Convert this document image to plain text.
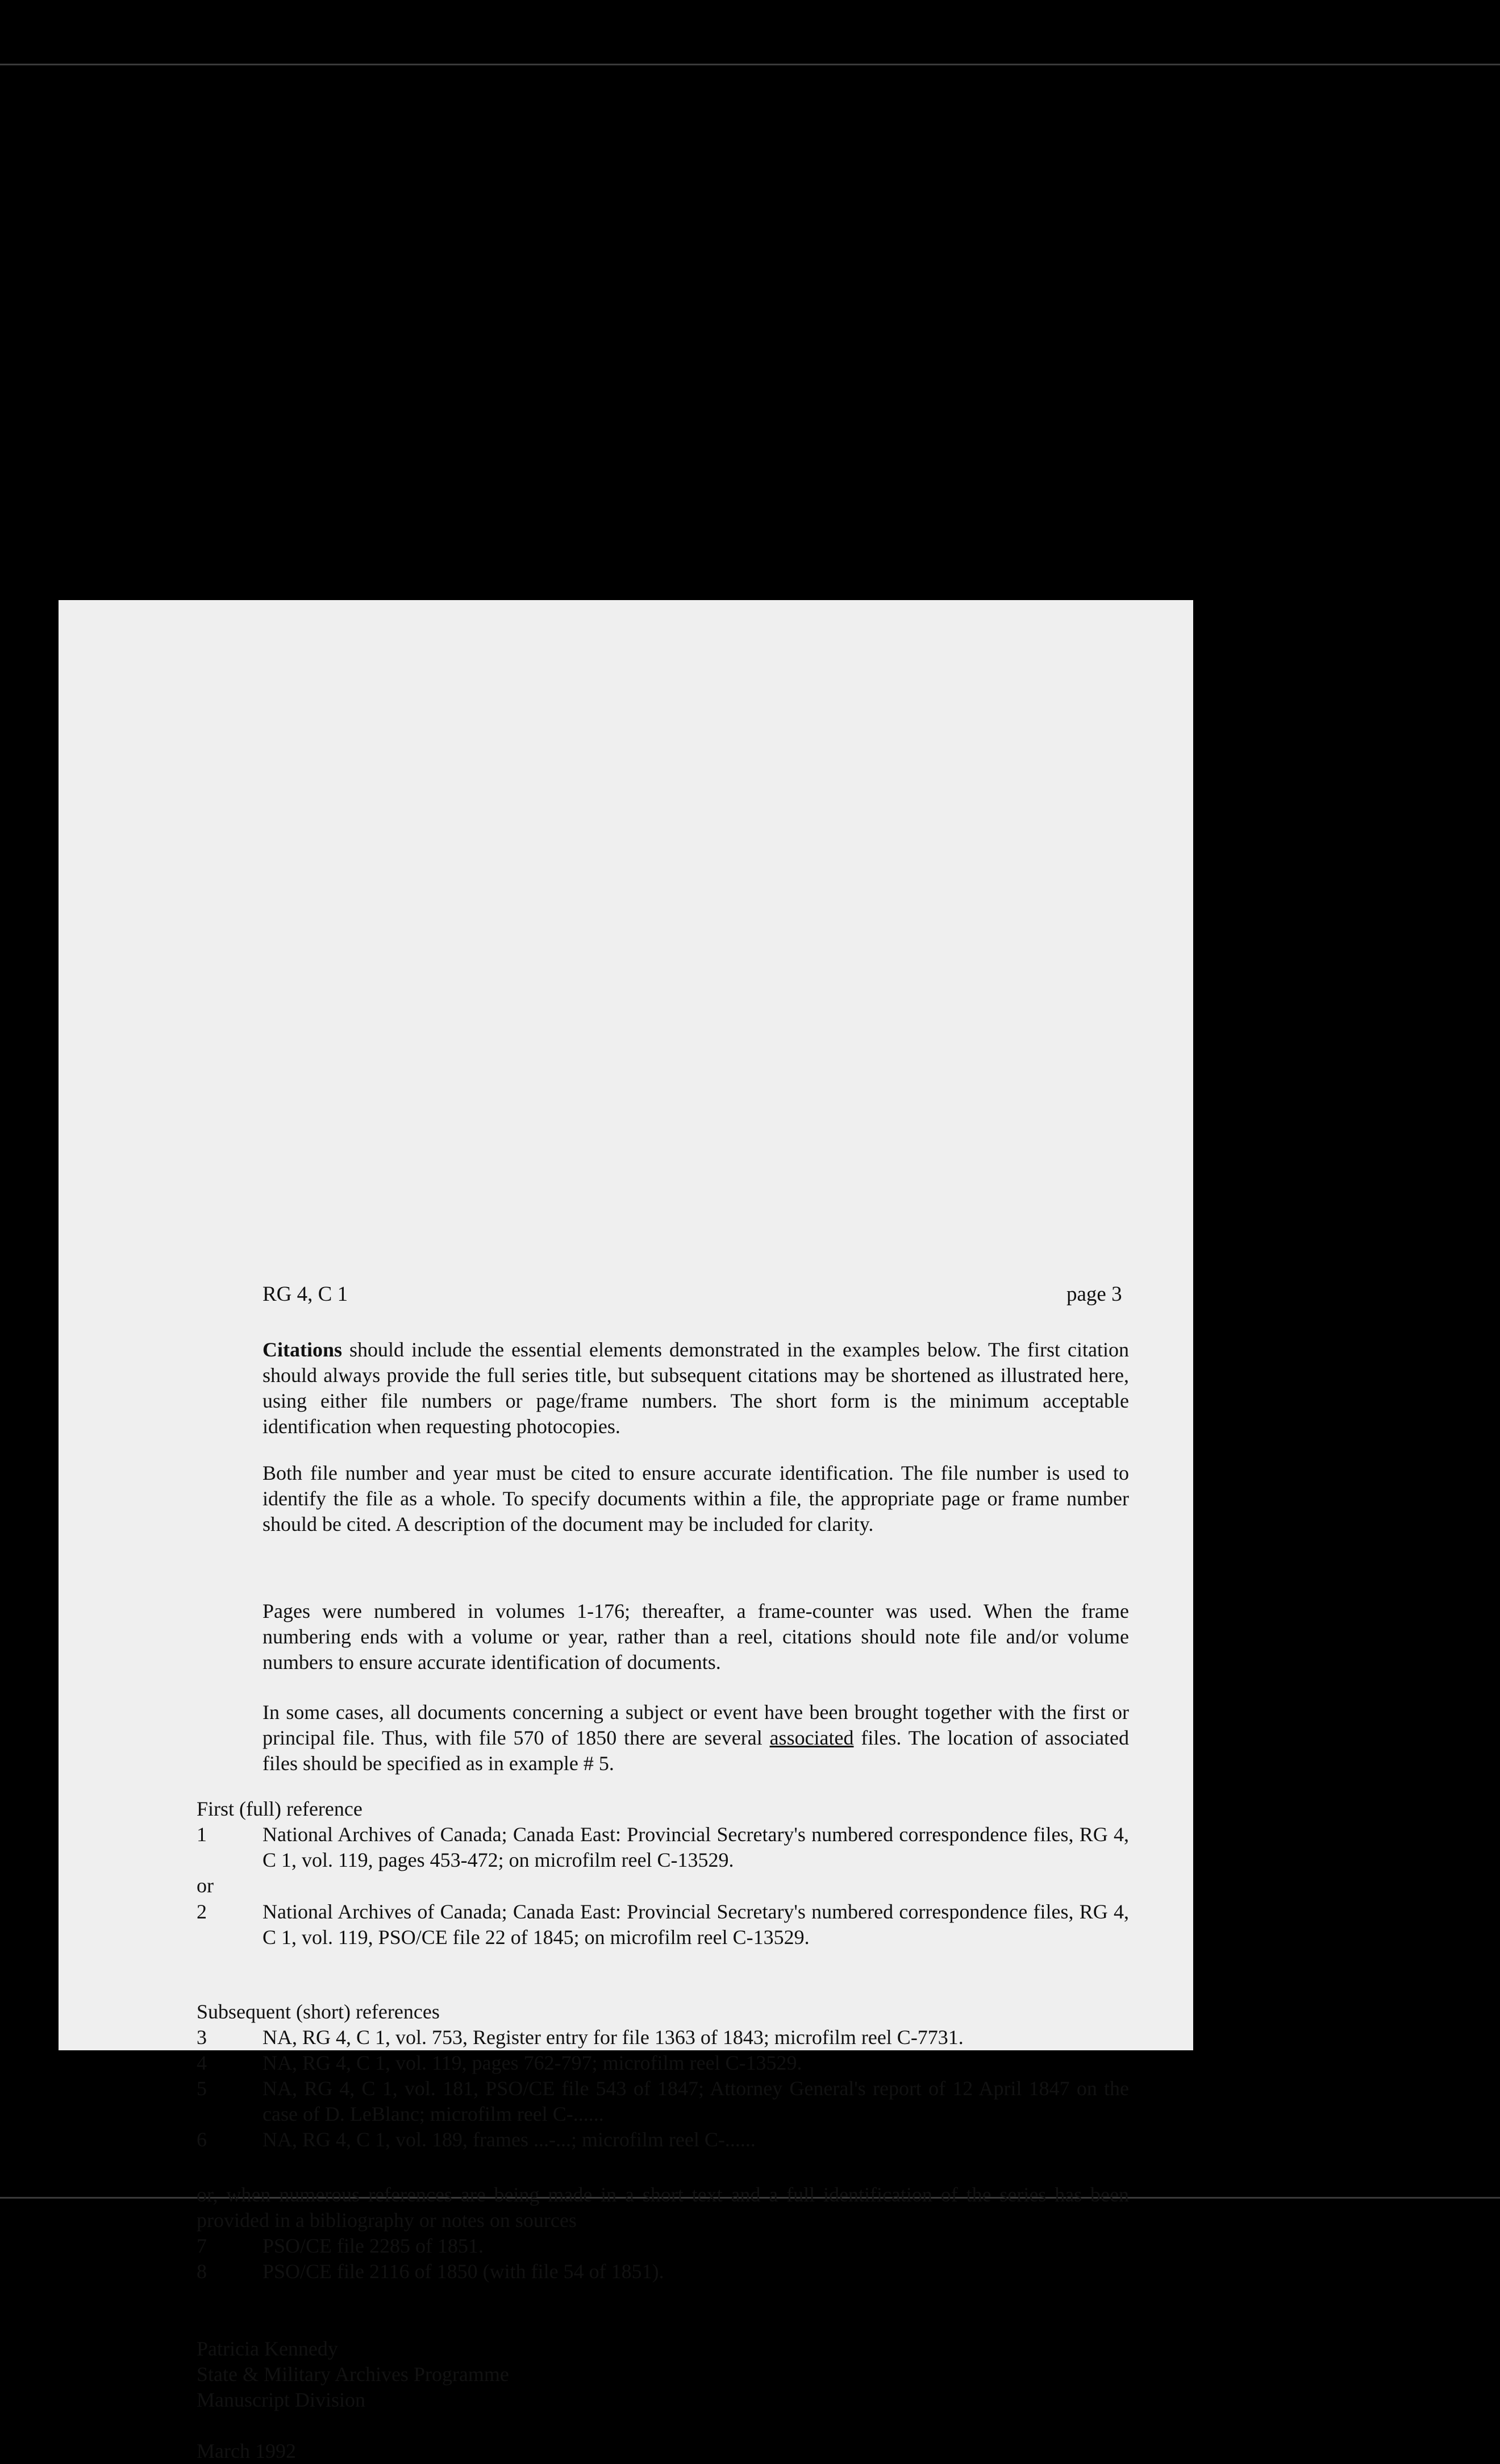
RG 4, C 1	page 3
Citations should include the essential elements demonstrated in the examples below. The first citation should always provide the full series title, but subsequent citations may be shortened as illustrated here, using either file numbers or page/frame numbers. The short form is the minimum acceptable identification when requesting photocopies.
Both file number and year must be cited to ensure accurate identification. The file number is used to identify the file as a whole. To specify documents within a file, the appropriate page or frame number should be cited. A description of the document may be included for clarity.
Pages were numbered in volumes 1-176; thereafter, a frame-counter was used. When the frame numbering ends with a volume or year, rather than a reel, citations should note file and/or volume numbers to ensure accurate identification of documents.
In some cases, all documents concerning a subject or event have been brought together with the first or principal file. Thus, with file 570 of 1850 there are several associated files. The location of associated files should be specified as in example # 5.
First (full) reference
1	National Archives of Canada; Canada East: Provincial Secretary's numbered correspondence files, RG 4, C 1, vol. 119, pages 453-472; on microfilm reel C-13529.
or
2	National Archives of Canada; Canada East: Provincial Secretary's numbered correspondence files, RG 4, C 1, vol. 119, PSO/CE file 22 of 1845; on microfilm reel C-13529.
Subsequent (short) references
3	NA, RG 4, C 1, vol. 753, Register entry for file 1363 of 1843; microfilm reel C-7731.
4	NA, RG 4, C 1, vol. 119, pages 762-797; microfilm reel C-13529.
5	NA, RG 4, C 1, vol. 181, PSO/CE file 543 of 1847; Attorney General's report of 12 April 1847 on the case of D. LeBlanc; microfilm reel C-......
6	NA, RG 4, C 1, vol. 189, frames ...-...; microfilm reel C-......
or, when numerous references are being made in a short text and a full identification of the series has been provided in a bibliography or notes on sources
7	PSO/CE file 2285 of 1851.
8	PSO/CE file 2116 of 1850 (with file 54 of 1851).
Patricia Kennedy
State & Military Archives Programme
Manuscript Division
March 1992
